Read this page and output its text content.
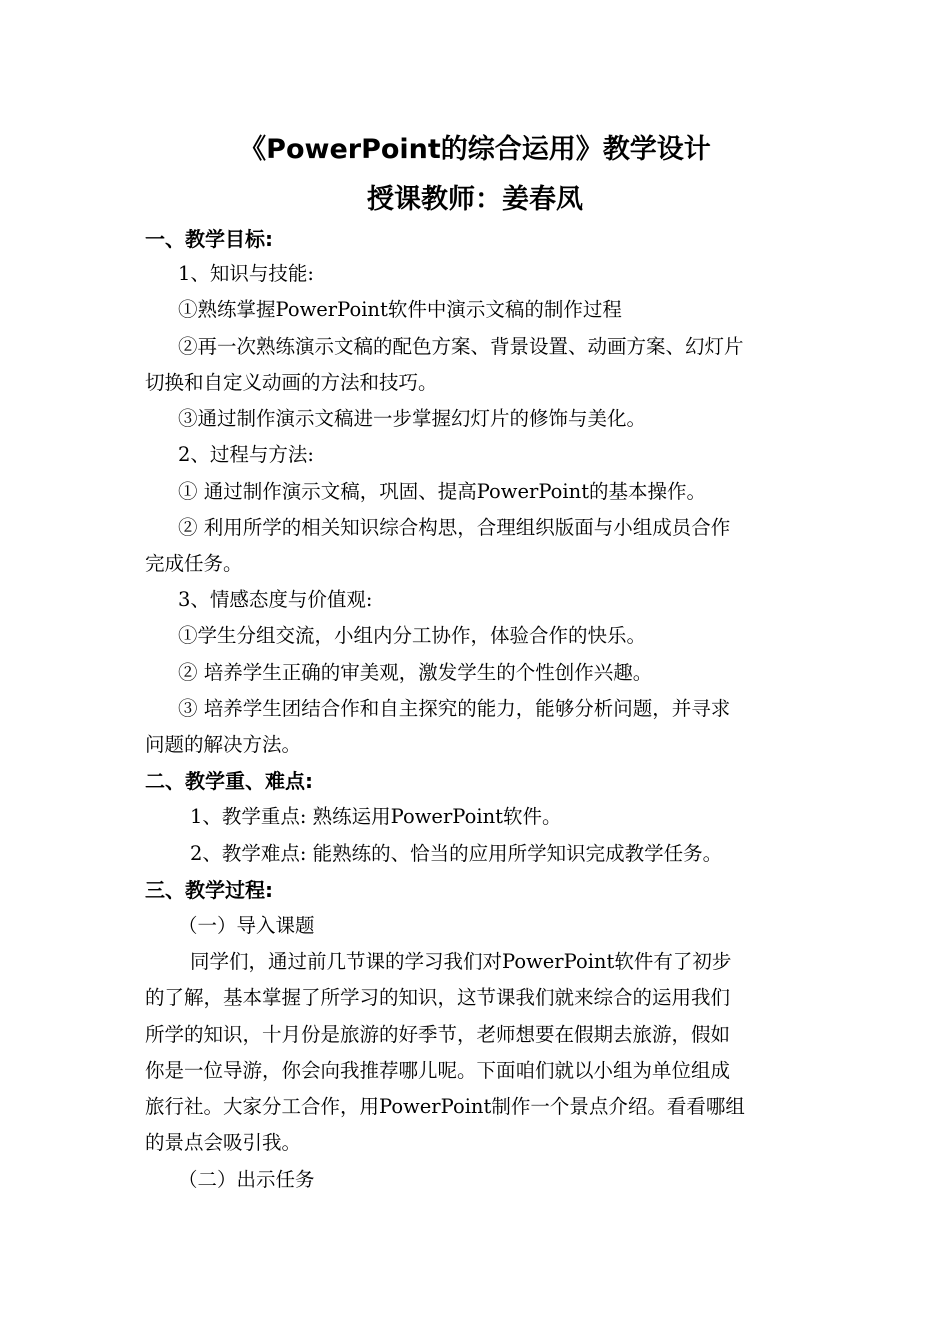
《PowerPoint的综合运用》教学设计
授课教师：姜春凤
一、教学目标:
1、知识与技能:
①熟练掌握PowerPoint软件中演示文稿的制作过程
②再一次熟练演示文稿的配色方案、背景设置、动画方案、幻灯片
切换和自定义动画的方法和技巧。
③通过制作演示文稿进一步掌握幻灯片的修饰与美化。
2、过程与方法:
① 通过制作演示文稿，巩固、提高PowerPoint的基本操作。
② 利用所学的相关知识综合构思，合理组织版面与小组成员合作
完成任务。
3、情感态度与价值观:
①学生分组交流，小组内分工协作，体验合作的快乐。
② 培养学生正确的审美观，激发学生的个性创作兴趣。
③ 培养学生团结合作和自主探究的能力，能够分析问题，并寻求
问题的解决方法。
二、教学重、难点:
1、教学重点: 熟练运用PowerPoint软件。
2、教学难点: 能熟练的、恰当的应用所学知识完成教学任务。
三、教学过程:
（一）导入课题
同学们，通过前几节课的学习我们对PowerPoint软件有了初步
的了解，基本掌握了所学习的知识，这节课我们就来综合的运用我们
所学的知识，十月份是旅游的好季节，老师想要在假期去旅游，假如
你是一位导游，你会向我推荐哪儿呢。下面咱们就以小组为单位组成
旅行社。大家分工合作，用PowerPoint制作一个景点介绍。看看哪组
的景点会吸引我。
（二）出示任务
